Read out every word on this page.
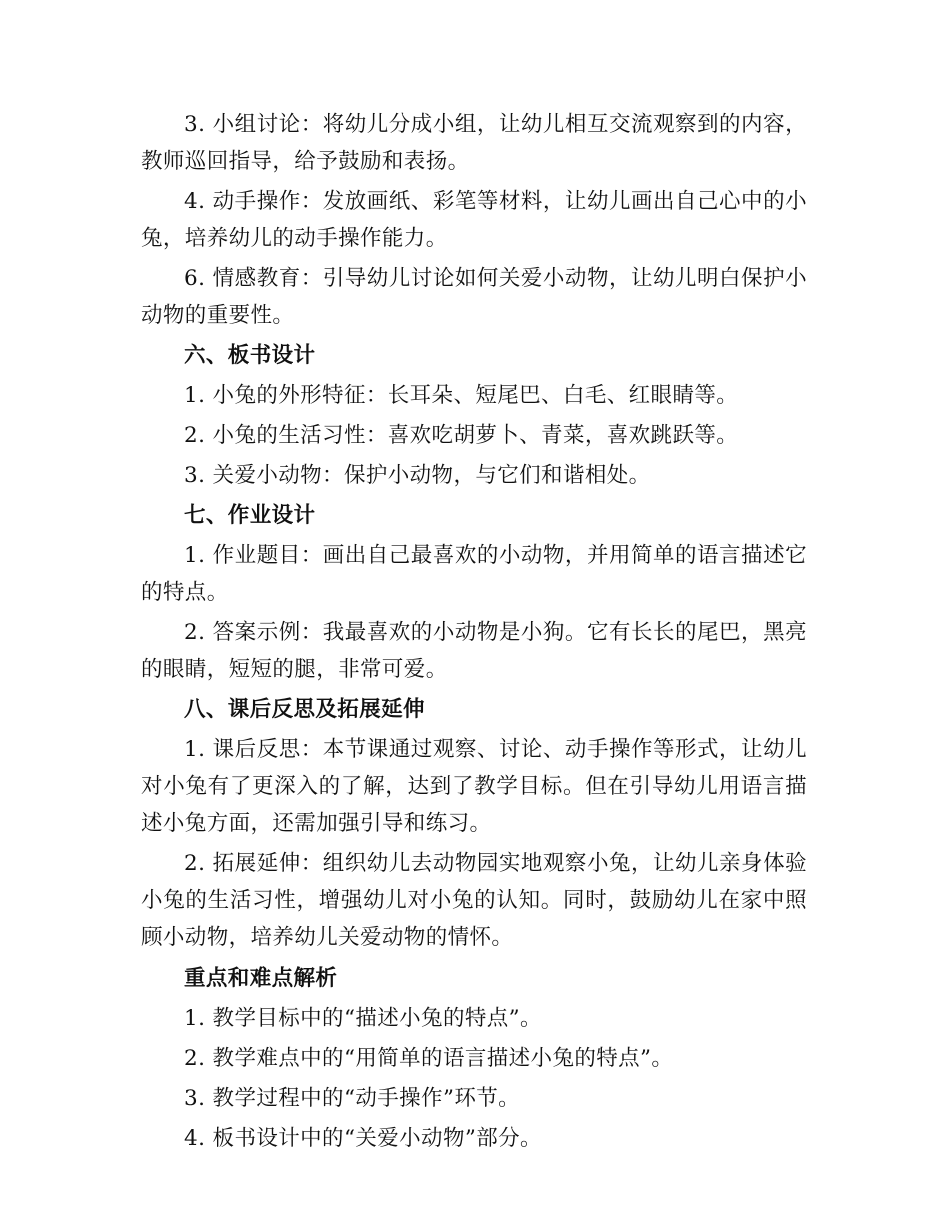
3. 小组讨论：将幼儿分成小组，让幼儿相互交流观察到的内容，教师巡回指导，给予鼓励和表扬。

4. 动手操作：发放画纸、彩笔等材料，让幼儿画出自己心中的小兔，培养幼儿的动手操作能力。

6. 情感教育：引导幼儿讨论如何关爱小动物，让幼儿明白保护小动物的重要性。

六、板书设计

1. 小兔的外形特征：长耳朵、短尾巴、白毛、红眼睛等。

2. 小兔的生活习性：喜欢吃胡萝卜、青菜，喜欢跳跃等。

3. 关爱小动物：保护小动物，与它们和谐相处。

七、作业设计

1. 作业题目：画出自己最喜欢的小动物，并用简单的语言描述它的特点。

2. 答案示例：我最喜欢的小动物是小狗。它有长长的尾巴，黑亮的眼睛，短短的腿，非常可爱。

八、课后反思及拓展延伸

1. 课后反思：本节课通过观察、讨论、动手操作等形式，让幼儿对小兔有了更深入的了解，达到了教学目标。但在引导幼儿用语言描述小兔方面，还需加强引导和练习。

2. 拓展延伸：组织幼儿去动物园实地观察小兔，让幼儿亲身体验小兔的生活习性，增强幼儿对小兔的认知。同时，鼓励幼儿在家中照顾小动物，培养幼儿关爱动物的情怀。

重点和难点解析

1. 教学目标中的“描述小兔的特点”。

2. 教学难点中的“用简单的语言描述小兔的特点”。

3. 教学过程中的“动手操作”环节。

4. 板书设计中的“关爱小动物”部分。
